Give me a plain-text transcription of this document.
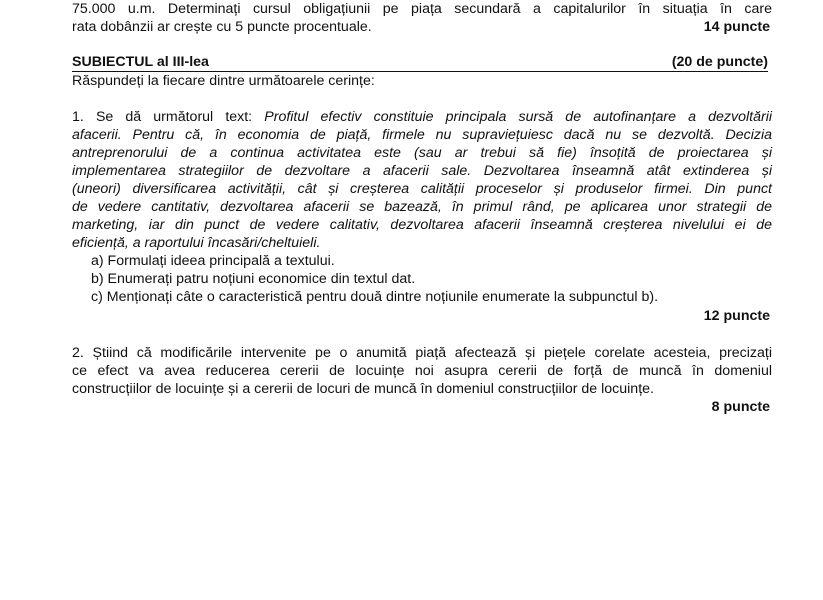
75.000 u.m. Determinați cursul obligațiunii pe piața secundară a capitalurilor în situația în care
rata dobânzii ar crește cu 5 puncte procentuale.	14 puncte
SUBIECTUL al III-lea	(20 de puncte)
Răspundeți la fiecare dintre următoarele cerințe:
1. Se dă următorul text: Profitul efectiv constituie principala sursă de autofinanțare a dezvoltării
afacerii. Pentru că, în economia de piață, firmele nu supraviețuiesc dacă nu se dezvoltă. Decizia
antreprenorului de a continua activitatea este (sau ar trebui să fie) însoțită de proiectarea și
implementarea strategiilor de dezvoltare a afacerii sale. Dezvoltarea înseamnă atât extinderea și
(uneori) diversificarea activității, cât și creșterea calității proceselor și produselor firmei. Din punct
de vedere cantitativ, dezvoltarea afacerii se bazează, în primul rând, pe aplicarea unor strategii de
marketing, iar din punct de vedere calitativ, dezvoltarea afacerii înseamnă creșterea nivelului ei de
eficiență, a raportului încasări/cheltuieli.
a) Formulați ideea principală a textului.
b) Enumerați patru noțiuni economice din textul dat.
c) Menționați câte o caracteristică pentru două dintre noțiunile enumerate la subpunctul b).
12 puncte
2. Știind că modificările intervenite pe o anumită piață afectează și piețele corelate acesteia, precizați
ce efect va avea reducerea cererii de locuințe noi asupra cererii de forță de muncă în domeniul
construcțiilor de locuințe și a cererii de locuri de muncă în domeniul construcțiilor de locuințe.
8 puncte
